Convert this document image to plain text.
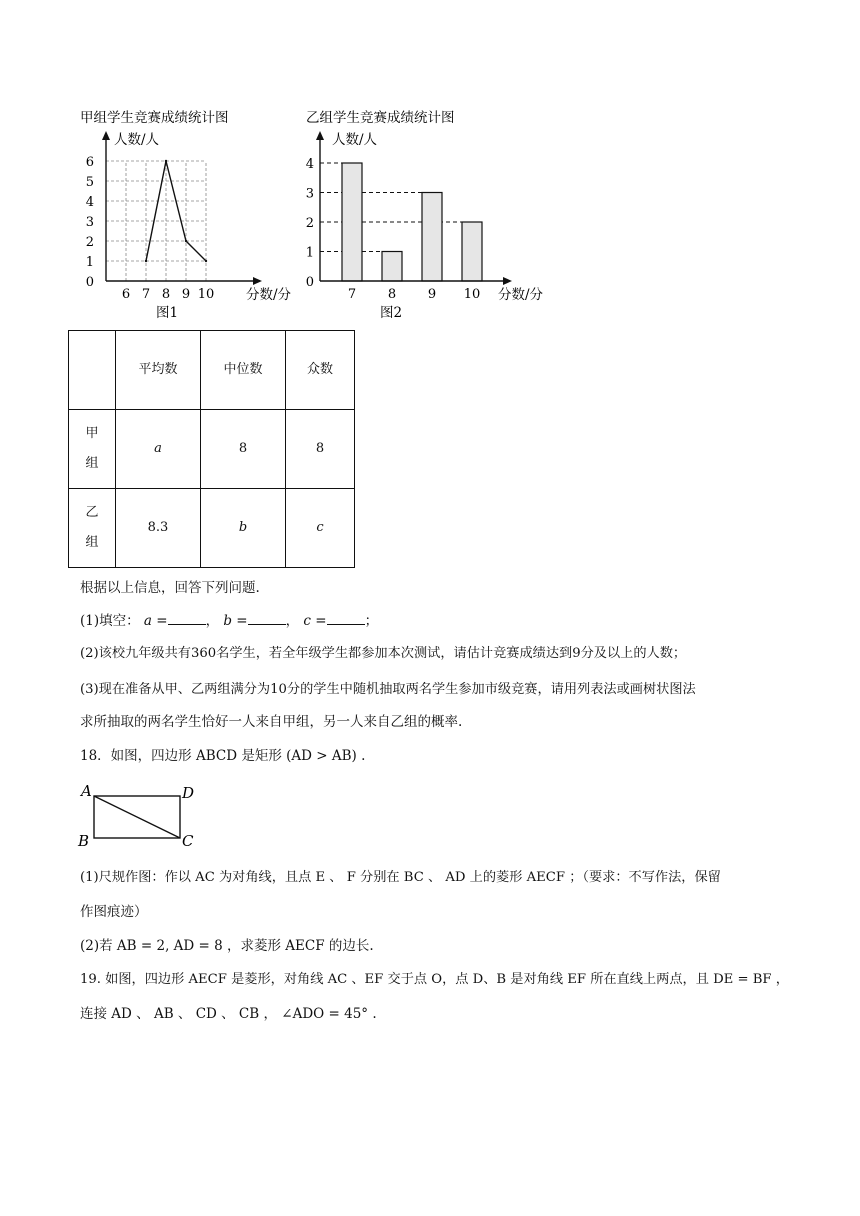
甲组学生竞赛成绩统计图
人数/人
分数/分
图1
0
1
2
3
4
5
6
6 7 8 9 10
乙组学生竞赛成绩统计图
人数/人
分数/分
图2
7 8 9 10
0
1
2
3
4
	平均数	中位数	众数
甲组	a	8	8
乙组	8.3	b	c
根据以上信息，回答下列问题.
(1)填空： a =	， b =	， c =	；
(2)该校九年级共有360名学生，若全年级学生都参加本次测试，请估计竞赛成绩达到9分及以上的人数；
(3)现在准备从甲、乙两组满分为10分的学生中随机抽取两名学生参加市级竞赛，请用列表法或画树状图法
求所抽取的两名学生恰好一人来自甲组，另一人来自乙组的概率.
18．如图，四边形 ABCD 是矩形 (AD > AB) .
A	D
B	C
(1)尺规作图：作以 AC 为对角线，且点 E 、 F 分别在 BC 、 AD 上的菱形 AECF ；（要求：不写作法，保留
作图痕迹）
(2)若 AB = 2, AD = 8 ，求菱形 AECF 的边长.
19. 如图，四边形 AECF 是菱形，对角线 AC 、EF 交于点 O，点 D、B 是对角线 EF 所在直线上两点，且 DE = BF ，
连接 AD 、 AB 、 CD 、 CB ， ∠ADO = 45° .
